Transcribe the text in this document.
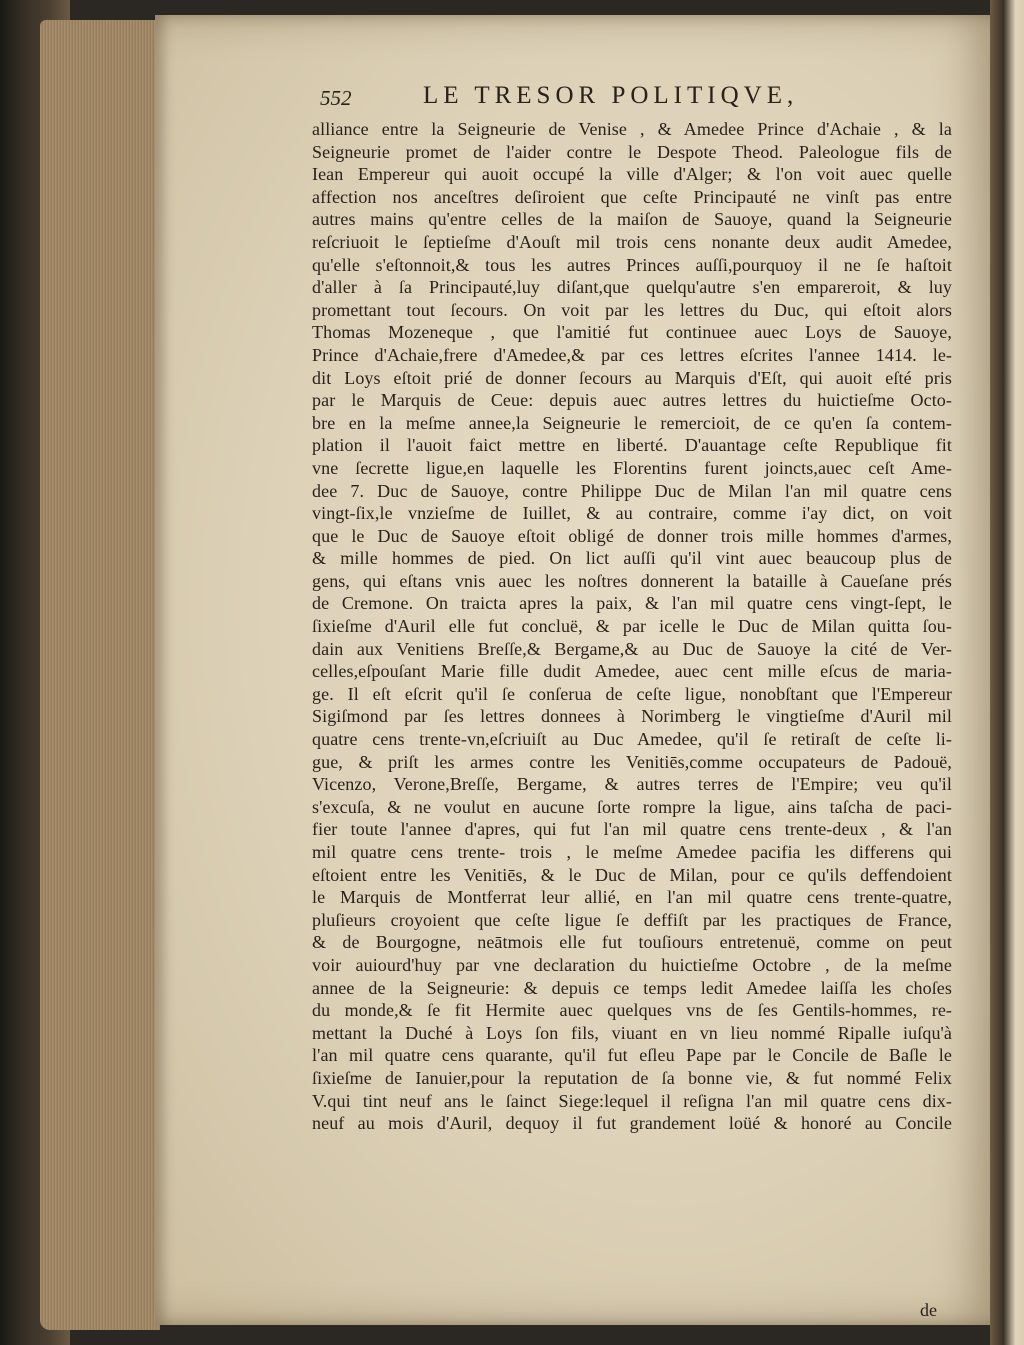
552	LE TRESOR POLITIQVE,
alliance entre la Seigneurie de Venise , & Amedee Prince d'Achaie , & la
Seigneurie promet de l'aider contre le Despote Theod. Paleologue fils de
Iean Empereur qui auoit occupé la ville d'Alger; & l'on voit auec quelle
affection nos anceſtres deſiroient que ceſte Principauté ne vinſt pas entre
autres mains qu'entre celles de la maiſon de Sauoye, quand la Seigneurie
reſcriuoit le ſeptieſme d'Aouſt mil trois cens nonante deux audit Amedee,
qu'elle s'eſtonnoit,& tous les autres Princes auſſi,pourquoy il ne ſe haſtoit
d'aller à ſa Principauté,luy diſant,que quelqu'autre s'en empareroit, & luy
promettant tout ſecours. On voit par les lettres du Duc, qui eſtoit alors
Thomas Mozeneque , que l'amitié fut continuee auec Loys de Sauoye,
Prince d'Achaie,frere d'Amedee,& par ces lettres eſcrites l'annee 1414. le-
dit Loys eſtoit prié de donner ſecours au Marquis d'Eſt, qui auoit eſté pris
par le Marquis de Ceue: depuis auec autres lettres du huictieſme Octo-
bre en la meſme annee,la Seigneurie le remercioit, de ce qu'en ſa contem-
plation il l'auoit faict mettre en liberté. D'auantage ceſte Republique fit
vne ſecrette ligue,en laquelle les Florentins furent joincts,auec ceſt Ame-
dee 7. Duc de Sauoye, contre Philippe Duc de Milan l'an mil quatre cens
vingt-ſix,le vnzieſme de Iuillet, & au contraire, comme i'ay dict, on voit
que le Duc de Sauoye eſtoit obligé de donner trois mille hommes d'armes,
& mille hommes de pied. On lict auſſi qu'il vint auec beaucoup plus de
gens, qui eſtans vnis auec les noſtres donnerent la bataille à Caueſane prés
de Cremone. On traicta apres la paix, & l'an mil quatre cens vingt-ſept, le
ſixieſme d'Auril elle fut concluë, & par icelle le Duc de Milan quitta ſou-
dain aux Venitiens Breſſe,& Bergame,& au Duc de Sauoye la cité de Ver-
celles,eſpouſant Marie fille dudit Amedee, auec cent mille eſcus de maria-
ge. Il eſt eſcrit qu'il ſe conſerua de ceſte ligue, nonobſtant que l'Empereur
Sigiſmond par ſes lettres donnees à Norimberg le vingtieſme d'Auril mil
quatre cens trente-vn,eſcriuiſt au Duc Amedee, qu'il ſe retiraſt de ceſte li-
gue, & priſt les armes contre les Venitiēs,comme occupateurs de Padouë,
Vicenzo, Verone,Breſſe, Bergame, & autres terres de l'Empire; veu qu'il
s'excuſa, & ne voulut en aucune ſorte rompre la ligue, ains taſcha de paci-
fier toute l'annee d'apres, qui fut l'an mil quatre cens trente-deux , & l'an
mil quatre cens trente- trois , le meſme Amedee pacifia les differens qui
eſtoient entre les Venitiēs, & le Duc de Milan, pour ce qu'ils deffendoient
le Marquis de Montferrat leur allié, en l'an mil quatre cens trente-quatre,
pluſieurs croyoient que ceſte ligue ſe deffiſt par les practiques de France,
& de Bourgogne, neātmois elle fut touſiours entretenuë, comme on peut
voir auiourd'huy par vne declaration du huictieſme Octobre , de la meſme
annee de la Seigneurie: & depuis ce temps ledit Amedee laiſſa les choſes
du monde,& ſe fit Hermite auec quelques vns de ſes Gentils-hommes, re-
mettant la Duché à Loys ſon fils, viuant en vn lieu nommé Ripalle iuſqu'à
l'an mil quatre cens quarante, qu'il fut eſleu Pape par le Concile de Baſle le
ſixieſme de Ianuier,pour la reputation de ſa bonne vie, & fut nommé Felix
V.qui tint neuf ans le ſainct Siege:lequel il reſigna l'an mil quatre cens dix-
neuf au mois d'Auril, dequoy il fut grandement loüé & honoré au Concile
de
